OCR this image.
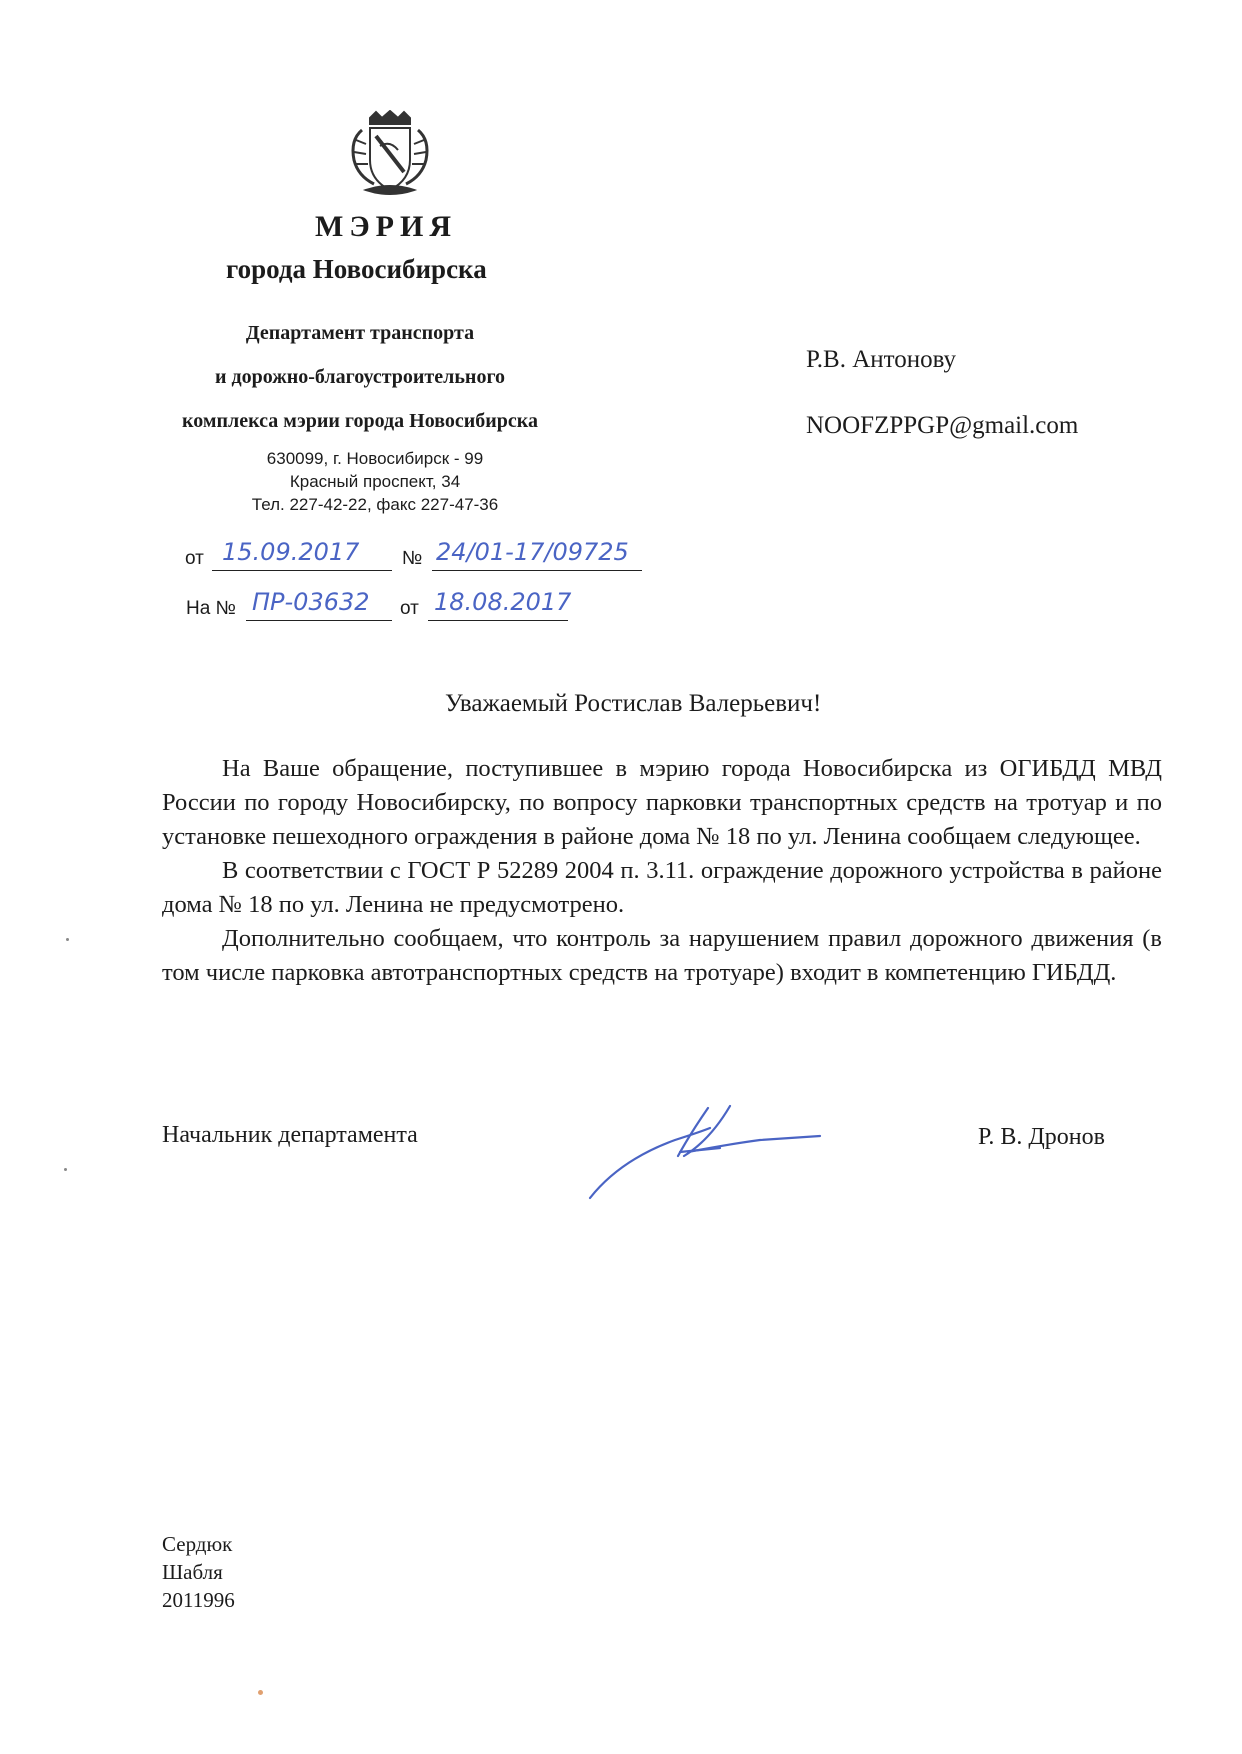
МЭРИЯ
города Новосибирска
Департамент транспорта
и дорожно-благоустроительного
комплекса мэрии города Новосибирска
630099, г. Новосибирск - 99
Красный проспект, 34
Тел. 227-42-22, факс 227-47-36
от 15.09.2017 № 24/01-17/09725
На № ПР-03632 от 18.08.2017
Р.В. Антонову
NOOFZPPGP@gmail.com
Уважаемый Ростислав Валерьевич!

На Ваше обращение, поступившее в мэрию города Новосибирска из ОГИБДД МВД России по городу Новосибирску, по вопросу парковки транспортных средств на тротуар и по установке пешеходного ограждения в районе дома № 18 по ул. Ленина сообщаем следующее.

В соответствии с ГОСТ Р 52289 2004 п. 3.11. ограждение дорожного устройства в районе дома № 18 по ул. Ленина не предусмотрено.

Дополнительно сообщаем, что контроль за нарушением правил дорожного движения (в том числе парковка автотранспортных средств на тротуаре) входит в компетенцию ГИБДД.

Начальник департамента	Р. В. Дронов
Сердюк
Шабля
2011996
